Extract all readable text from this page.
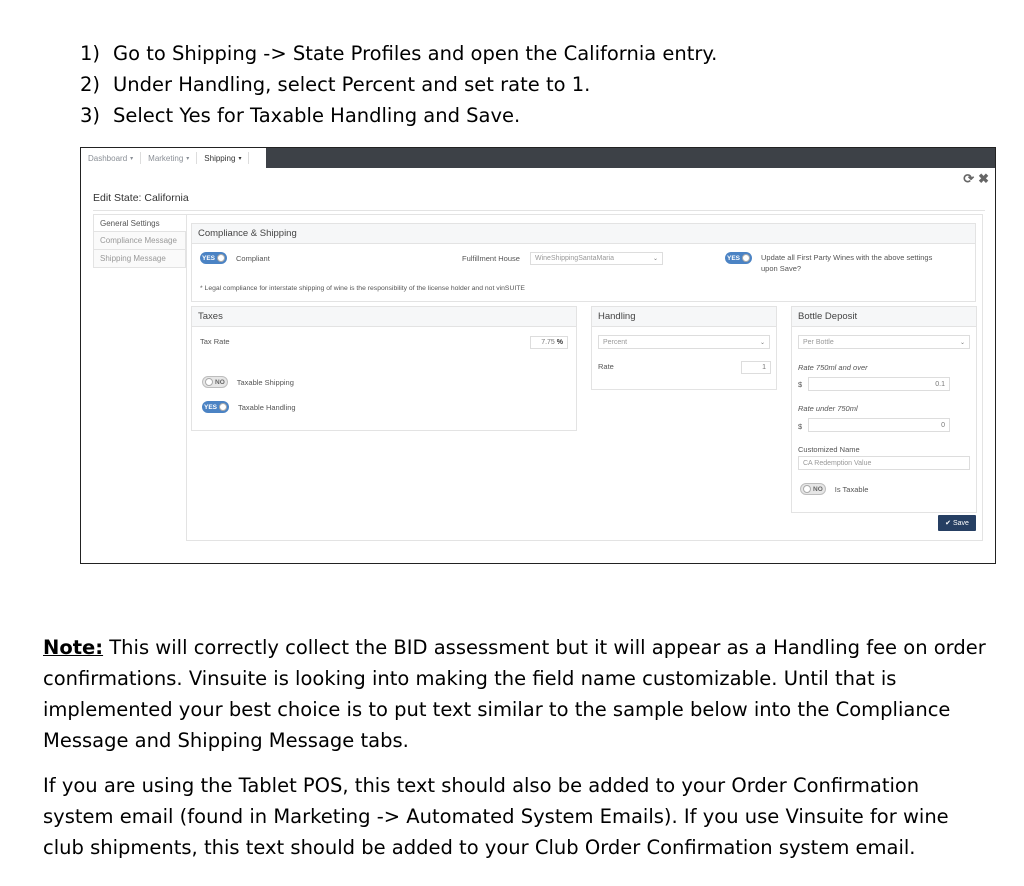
1) Go to Shipping -> State Profiles and open the California entry.
2) Under Handling, select Percent and set rate to 1.
3) Select Yes for Taxable Handling and Save.
Dashboard ▾ Marketing ▾ Shipping ▾
⟳ ✖
Edit State: California
General Settings
Compliance Message
Shipping Message
Compliance & Shipping
YES	Compliant	Fulfillment House WineShippingSantaMaria	⌄	YES	Update all First Party Wines with the above settings upon Save?
* Legal compliance for interstate shipping of wine is the responsibility of the license holder and not vinSUITE
Taxes
Tax Rate	7.75
%
NO Taxable Shipping
YES	Taxable Handling
Handling
Percent	⌄
Rate	1
Bottle Deposit
Per Bottle	⌄
Rate 750ml and over
$	0.1
Rate under 750ml
$	0
Customized Name
CA Redemption Value
NO Is Taxable
✔ Save

Note: This will correctly collect the BID assessment but it will appear as a Handling fee on order confirmations. Vinsuite is looking into making the field name customizable. Until that is implemented your best choice is to put text similar to the sample below into the Compliance Message and Shipping Message tabs.

If you are using the Tablet POS, this text should also be added to your Order Confirmation system email (found in Marketing -> Automated System Emails). If you use Vinsuite for wine club shipments, this text should be added to your Club Order Confirmation system email.
